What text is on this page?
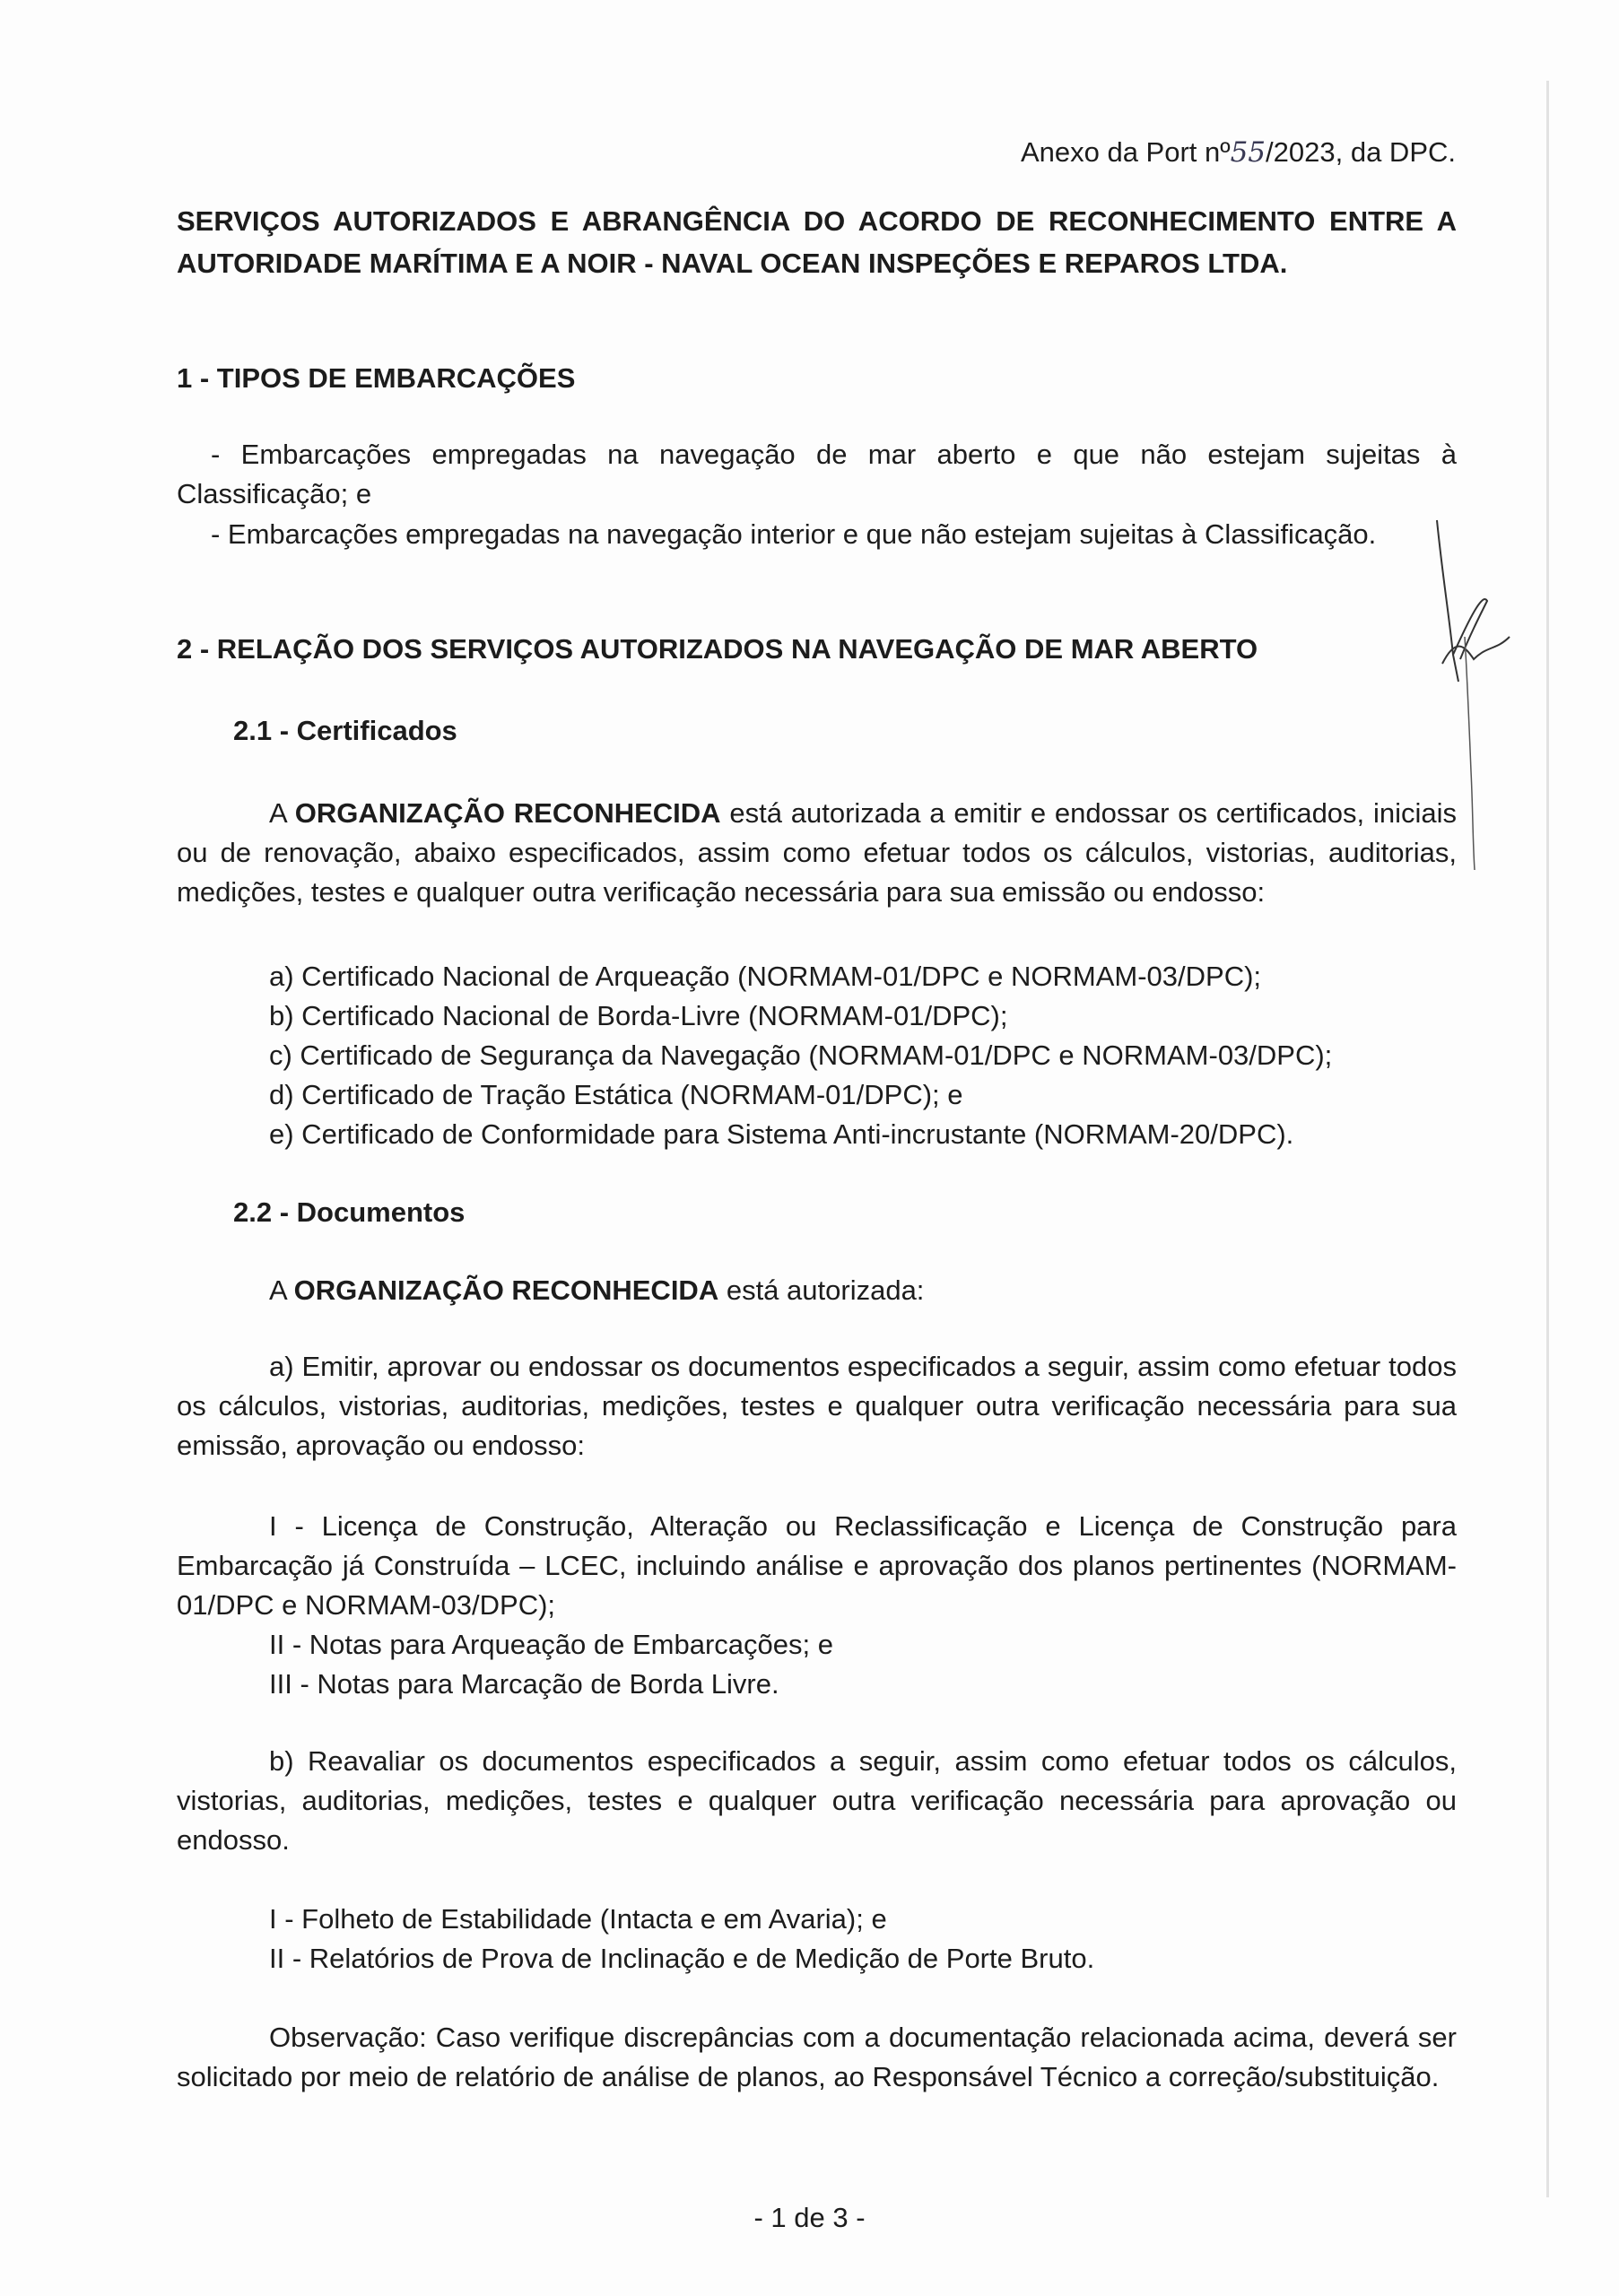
Anexo da Port nº55/2023, da DPC.

SERVIÇOS AUTORIZADOS E ABRANGÊNCIA DO ACORDO DE RECONHECIMENTO ENTRE A

AUTORIDADE MARÍTIMA E A NOIR - NAVAL OCEAN INSPEÇÕES E REPAROS LTDA.

1 - TIPOS DE EMBARCAÇÕES

- Embarcações empregadas na navegação de mar aberto e que não estejam sujeitas à Classificação; e

- Embarcações empregadas na navegação interior e que não estejam sujeitas à Classificação.

2 - RELAÇÃO DOS SERVIÇOS AUTORIZADOS NA NAVEGAÇÃO DE MAR ABERTO

2.1 - Certificados

A ORGANIZAÇÃO RECONHECIDA está autorizada a emitir e endossar os certificados, iniciais ou de renovação, abaixo especificados, assim como efetuar todos os cálculos, vistorias, auditorias, medições, testes e qualquer outra verificação necessária para sua emissão ou endosso:

a) Certificado Nacional de Arqueação (NORMAM-01/DPC e NORMAM-03/DPC);

b) Certificado Nacional de Borda-Livre (NORMAM-01/DPC);

c) Certificado de Segurança da Navegação (NORMAM-01/DPC e NORMAM-03/DPC);

d) Certificado de Tração Estática (NORMAM-01/DPC); e

e) Certificado de Conformidade para Sistema Anti-incrustante (NORMAM-20/DPC).

2.2 - Documentos

A ORGANIZAÇÃO RECONHECIDA está autorizada:

a) Emitir, aprovar ou endossar os documentos especificados a seguir, assim como efetuar todos os cálculos, vistorias, auditorias, medições, testes e qualquer outra verificação necessária para sua emissão, aprovação ou endosso:

I - Licença de Construção, Alteração ou Reclassificação e Licença de Construção para Embarcação já Construída – LCEC, incluindo análise e aprovação dos planos pertinentes (NORMAM-01/DPC e NORMAM-03/DPC);

II - Notas para Arqueação de Embarcações; e

III - Notas para Marcação de Borda Livre.

b) Reavaliar os documentos especificados a seguir, assim como efetuar todos os cálculos, vistorias, auditorias, medições, testes e qualquer outra verificação necessária para aprovação ou endosso.

I - Folheto de Estabilidade (Intacta e em Avaria); e

II - Relatórios de Prova de Inclinação e de Medição de Porte Bruto.

Observação: Caso verifique discrepâncias com a documentação relacionada acima, deverá ser solicitado por meio de relatório de análise de planos, ao Responsável Técnico a correção/substituição.

- 1 de 3 -
